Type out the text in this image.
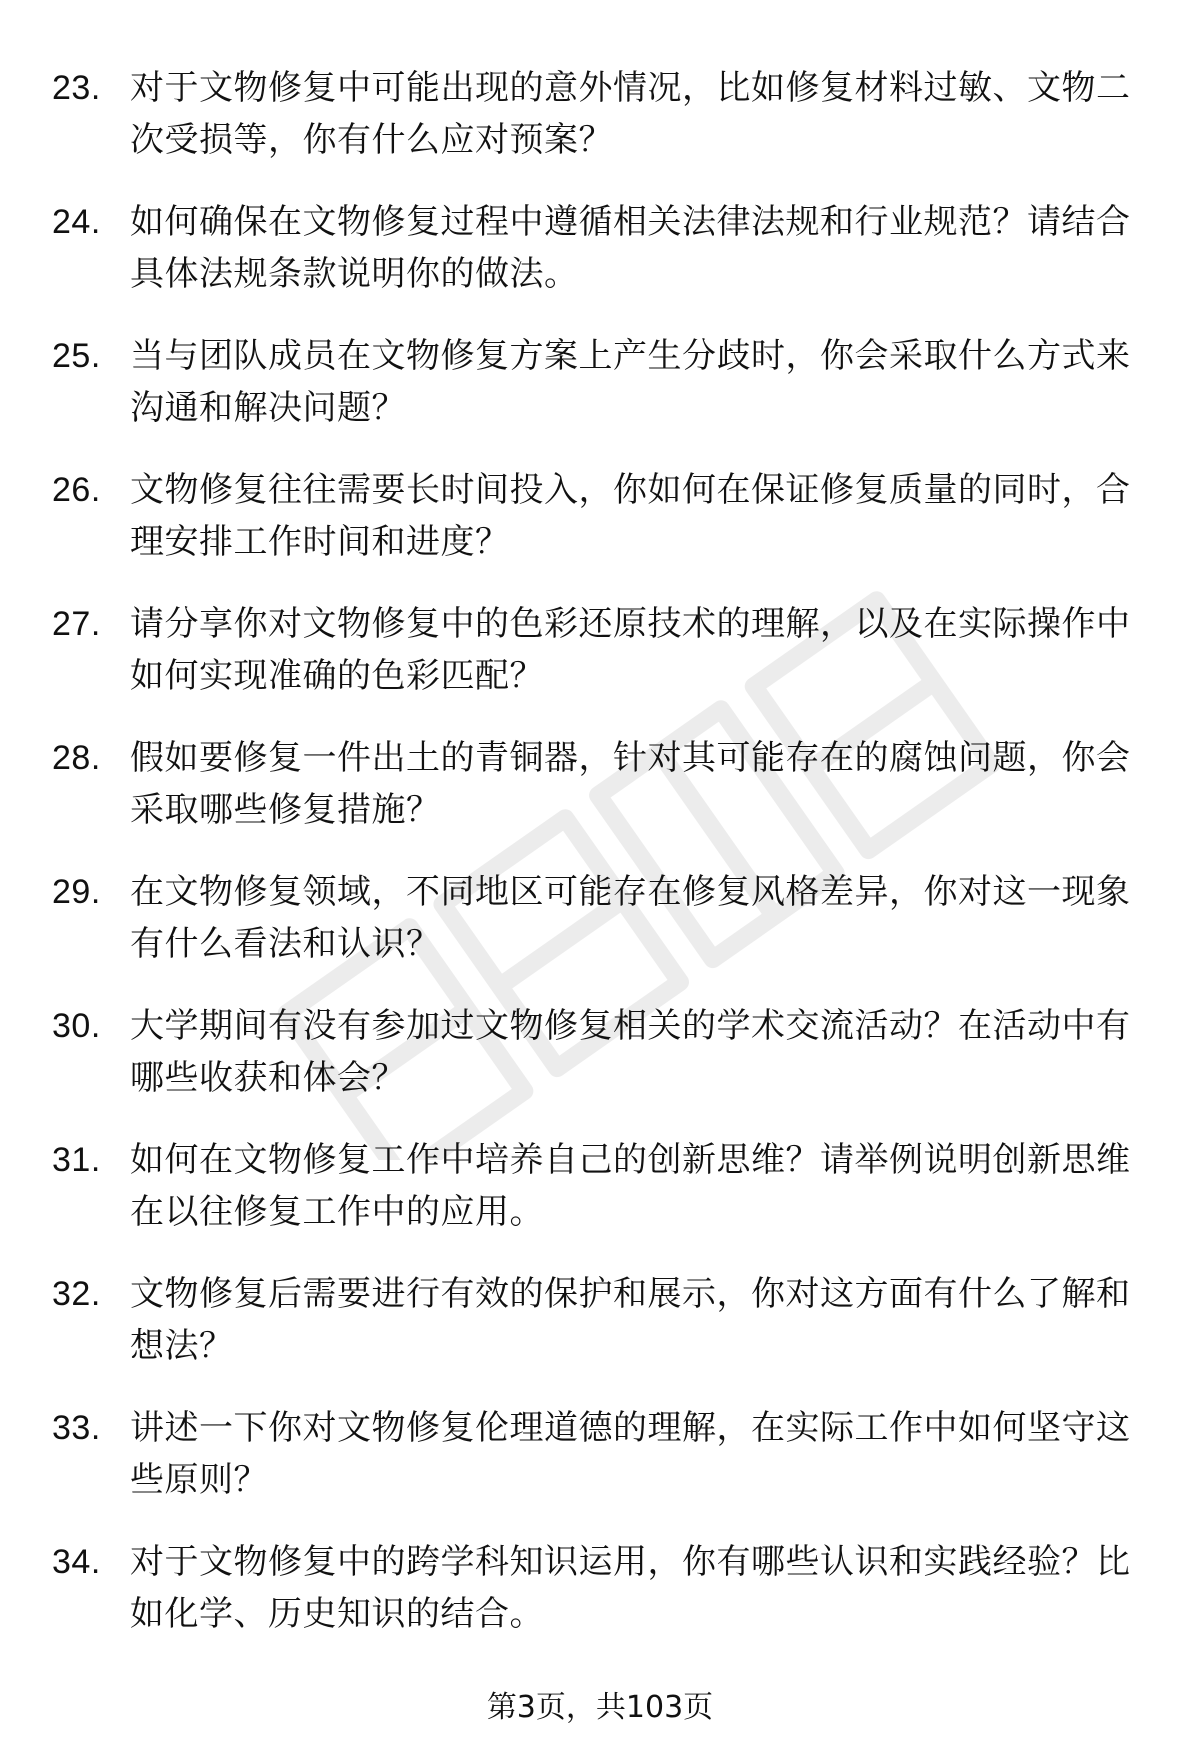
23. 对于文物修复中可能出现的意外情况，比如修复材料过敏、文物二次受损等，你有什么应对预案？
24. 如何确保在文物修复过程中遵循相关法律法规和行业规范？请结合具体法规条款说明你的做法。
25. 当与团队成员在文物修复方案上产生分歧时，你会采取什么方式来沟通和解决问题？
26. 文物修复往往需要长时间投入，你如何在保证修复质量的同时，合理安排工作时间和进度？
27. 请分享你对文物修复中的色彩还原技术的理解，以及在实际操作中如何实现准确的色彩匹配？
28. 假如要修复一件出土的青铜器，针对其可能存在的腐蚀问题，你会采取哪些修复措施？
29. 在文物修复领域，不同地区可能存在修复风格差异，你对这一现象有什么看法和认识？
30. 大学期间有没有参加过文物修复相关的学术交流活动？在活动中有哪些收获和体会？
31. 如何在文物修复工作中培养自己的创新思维？请举例说明创新思维在以往修复工作中的应用。
32. 文物修复后需要进行有效的保护和展示，你对这方面有什么了解和想法？
33. 讲述一下你对文物修复伦理道德的理解，在实际工作中如何坚守这些原则？
34. 对于文物修复中的跨学科知识运用，你有哪些认识和实践经验？比如化学、历史知识的结合。
第3页，共103页
